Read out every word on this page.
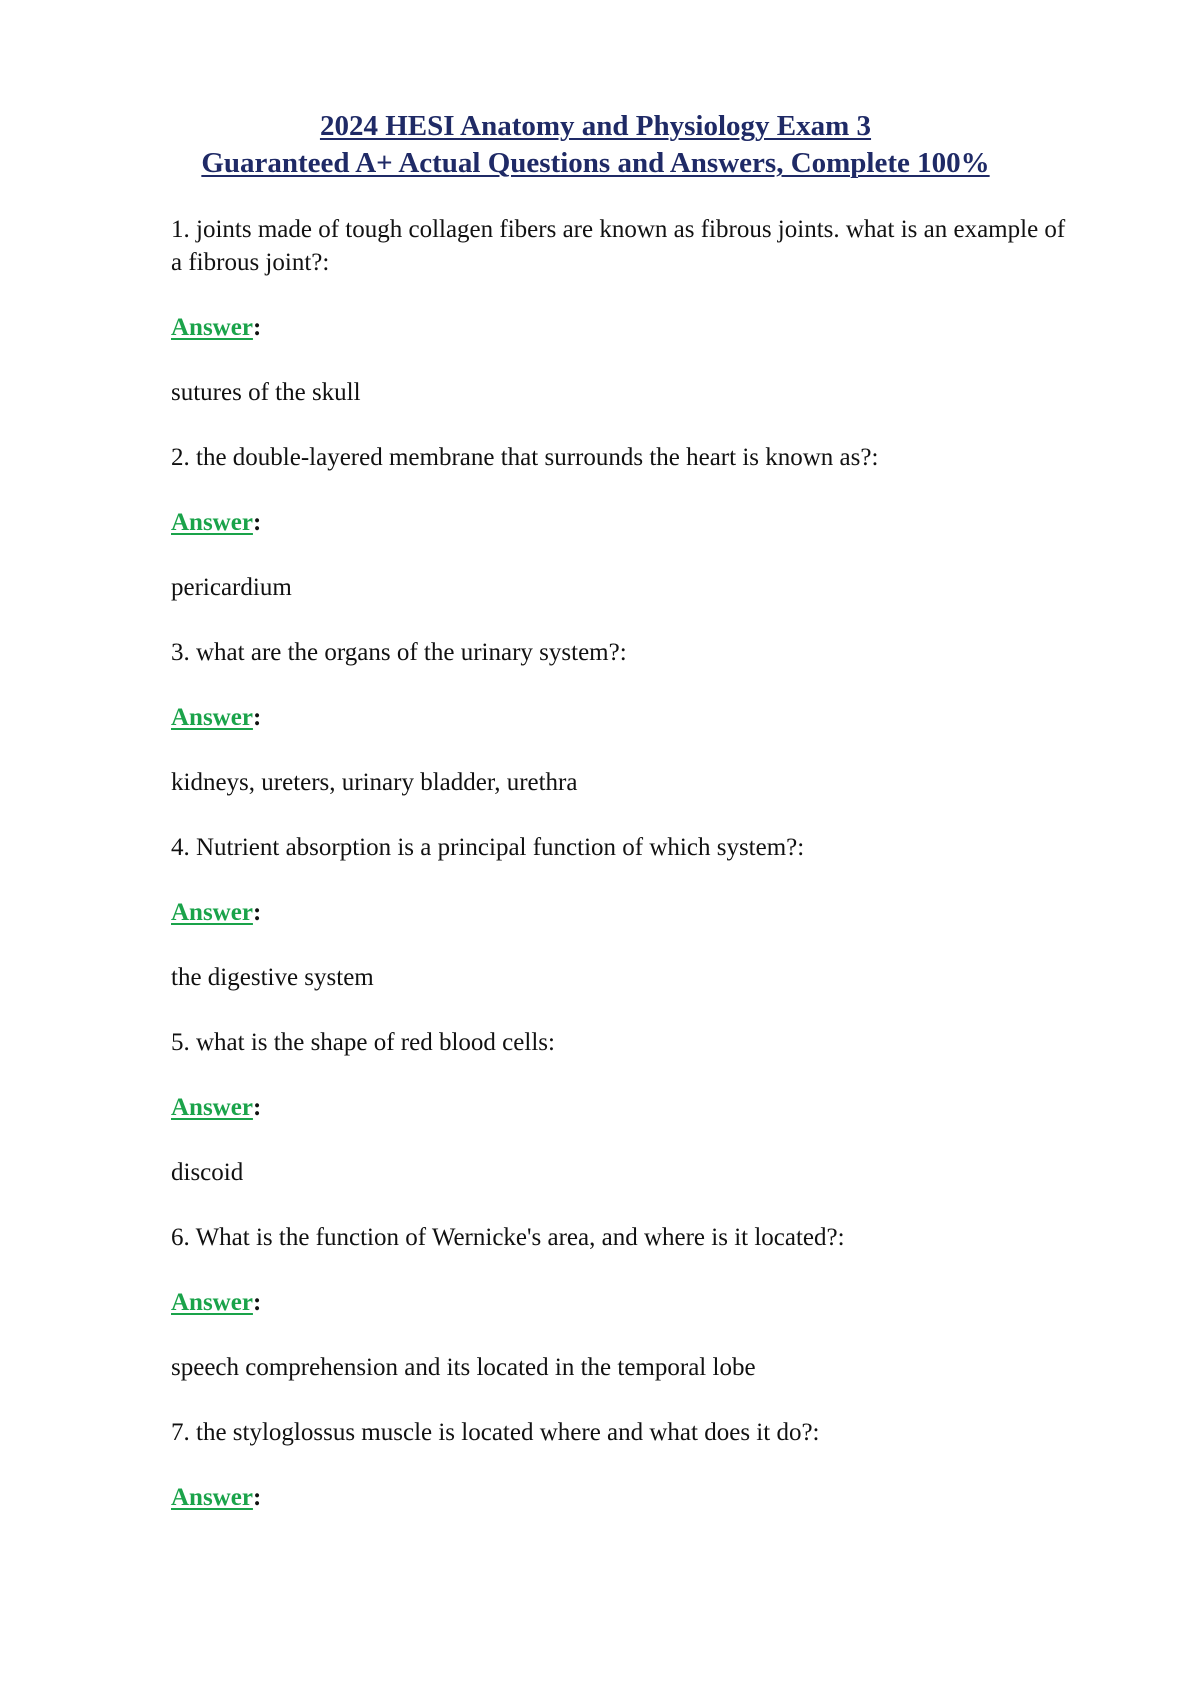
2024 HESI Anatomy and Physiology Exam 3
Guaranteed A+ Actual Questions and Answers, Complete 100%

1 . joints made of tough collagen fibers are known as fibrous joints. what is an example of a fibrous joint?:

Answer:

sutures of the skull

2 . the double-layered membrane that surrounds the heart is known as?:

Answer:

pericardium

3 . what are the organs of the urinary system?:

Answer:

kidneys, ureters, urinary bladder, urethra

4 . Nutrient absorption is a principal function of which system?:

Answer:

the digestive system

5 . what is the shape of red blood cells:

Answer:

discoid

6 . What is the function of Wernicke's area, and where is it located?:

Answer:

speech comprehension and its located in the temporal lobe

7 . the styloglossus muscle is located where and what does it do?:

Answer:
